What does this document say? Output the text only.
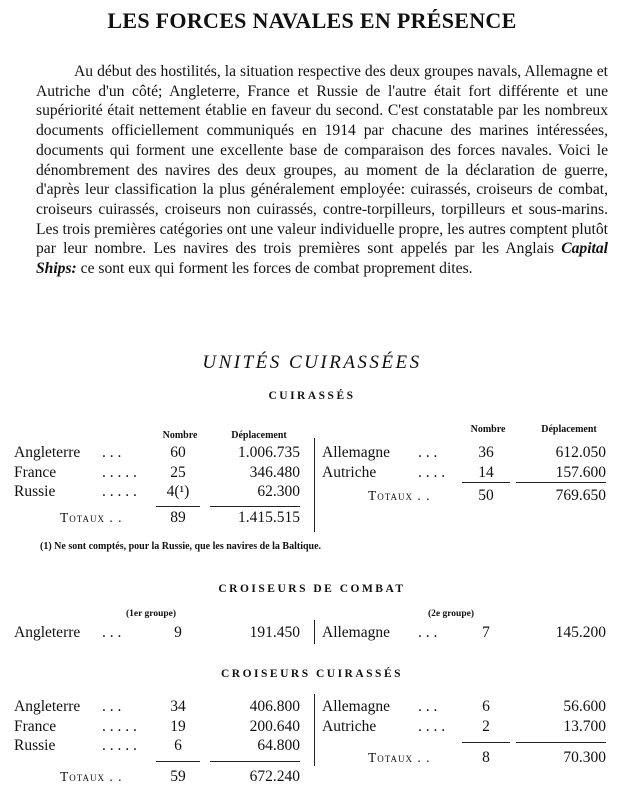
LES FORCES NAVALES EN PRÉSENCE

Au début des hostilités, la situation respective des deux groupes navals, Allemagne et Autriche d'un côté; Angleterre, France et Russie de l'autre était fort différente et une supériorité était nettement établie en faveur du second. C'est constatable par les nombreux documents officiellement communiqués en 1914 par chacune des marines intéressées, documents qui forment une excellente base de comparaison des forces navales. Voici le dénombrement des navires des deux groupes, au moment de la déclaration de guerre, d'après leur classification la plus généralement employée: cuirassés, croiseurs de combat, croiseurs cuirassés, croiseurs non cuirassés, contre-torpilleurs, torpilleurs et sous-marins. Les trois premières catégories ont une valeur individuelle propre, les autres comptent plutôt par leur nombre. Les navires des trois premières sont appelés par les Anglais Capital Ships: ce sont eux qui forment les forces de combat proprement dites.

UNITÉS CUIRASSÉES
CUIRASSÉS
Nombre	Déplacement
Nombre	Déplacement
Angleterre . . .	60	1.006.735
France	. . . . .	25	346.480
Russie	. . . . .	4(¹)	62.300
Totaux . .	89	1.415.515
Allemagne . . .	36	612.050
Autriche	. . . .	14	157.600
Totaux . .	50	769.650
(1) Ne sont comptés, pour la Russie, que les navires de la Baltique.
CROISEURS DE COMBAT
(1er groupe)	(2e groupe)
Angleterre . . .	9	191.450 Allemagne . . .	7	145.200
CROISEURS CUIRASSÉS
Angleterre . . .	34	406.800
France	. . . . .	19	200.640
Russie	. . . . .	6	64.800
Totaux . .	59	672.240
Allemagne . . .	6	56.600
Autriche	. . . .	2	13.700
Totaux . .	8	70.300
